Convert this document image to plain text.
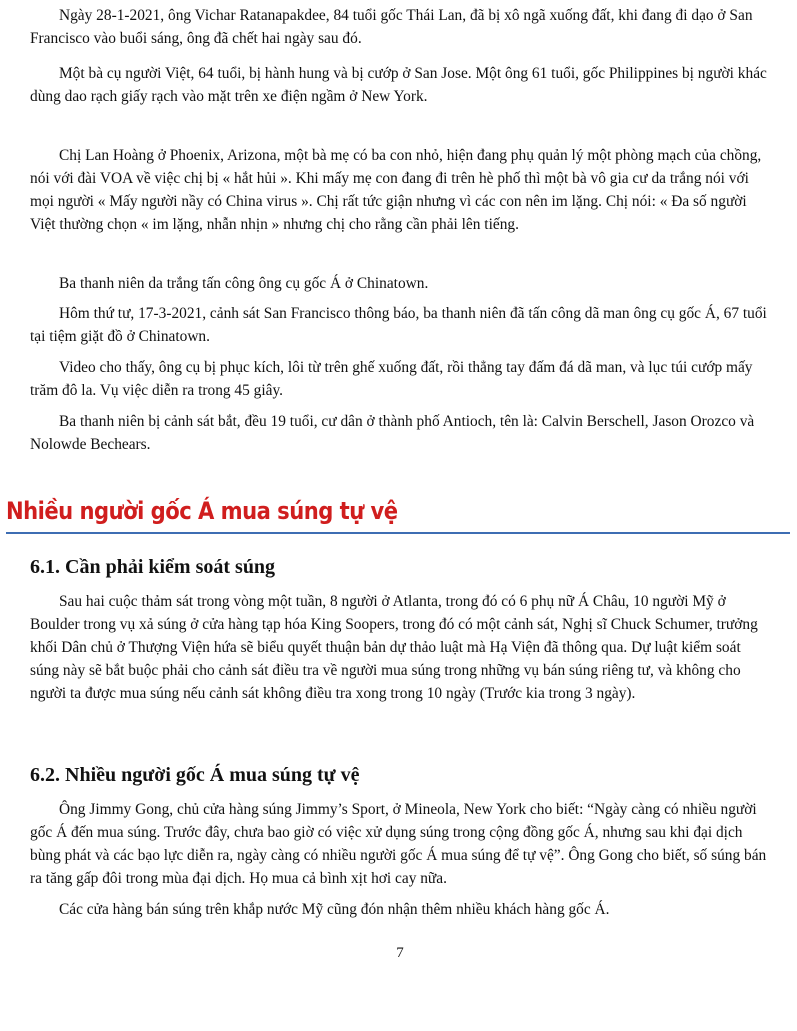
Ngày 28-1-2021, ông Vichar Ratanapakdee, 84 tuổi gốc Thái Lan, đã bị xô ngã xuống đất, khi đang đi dạo ở San Francisco vào buổi sáng, ông đã chết hai ngày sau đó.

Một bà cụ người Việt, 64 tuổi, bị hành hung và bị cướp ở San Jose. Một ông 61 tuổi, gốc Philippines bị người khác dùng dao rạch giấy rạch vào mặt trên xe điện ngầm ở New York.

Chị Lan Hoàng ở Phoenix, Arizona, một bà mẹ có ba con nhỏ, hiện đang phụ quản lý một phòng mạch của chồng, nói với đài VOA về việc chị bị « hắt hủi ». Khi mấy mẹ con đang đi trên hè phố thì một bà vô gia cư da trắng nói với mọi người « Mấy người nầy có China virus ». Chị rất tức giận nhưng vì các con nên im lặng. Chị nói: « Đa số người Việt thường chọn « im lặng, nhẫn nhịn » nhưng chị cho rằng cần phải lên tiếng.

Ba thanh niên da trắng tấn công ông cụ gốc Á ở Chinatown.

Hôm thứ tư, 17-3-2021, cảnh sát San Francisco thông báo, ba thanh niên đã tấn công dã man ông cụ gốc Á, 67 tuổi tại tiệm giặt đồ ở Chinatown.

Video cho thấy, ông cụ bị phục kích, lôi từ trên ghế xuống đất, rồi thẳng tay đấm đá dã man, và lục túi cướp mấy trăm đô la. Vụ việc diễn ra trong 45 giây.

Ba thanh niên bị cảnh sát bắt, đều 19 tuổi, cư dân ở thành phố Antioch, tên là: Calvin Berschell, Jason Orozco và Nolowde Bechears.

Nhiều người gốc Á mua súng tự vệ
6.1. Cần phải kiểm soát súng

Sau hai cuộc thảm sát trong vòng một tuần, 8 người ở Atlanta, trong đó có 6 phụ nữ Á Châu, 10 người Mỹ ở Boulder trong vụ xả súng ở cửa hàng tạp hóa King Soopers, trong đó có một cảnh sát, Nghị sĩ Chuck Schumer, trưởng khối Dân chủ ở Thượng Viện hứa sẽ biểu quyết thuận bản dự thảo luật mà Hạ Viện đã thông qua. Dự luật kiểm soát súng này sẽ bắt buộc phải cho cảnh sát điều tra về người mua súng trong những vụ bán súng riêng tư, và không cho người ta được mua súng nếu cảnh sát không điều tra xong trong 10 ngày (Trước kia trong 3 ngày).

6.2. Nhiều người gốc Á mua súng tự vệ

Ông Jimmy Gong, chủ cửa hàng súng Jimmy’s Sport, ở Mineola, New York cho biết: “Ngày càng có nhiều người gốc Á đến mua súng. Trước đây, chưa bao giờ có việc xử dụng súng trong cộng đồng gốc Á, nhưng sau khi đại dịch bùng phát và các bạo lực diễn ra, ngày càng có nhiều người gốc Á mua súng để tự vệ”. Ông Gong cho biết, số súng bán ra tăng gấp đôi trong mùa đại dịch. Họ mua cả bình xịt hơi cay nữa.

Các cửa hàng bán súng trên khắp nước Mỹ cũng đón nhận thêm nhiều khách hàng gốc Á.

7
